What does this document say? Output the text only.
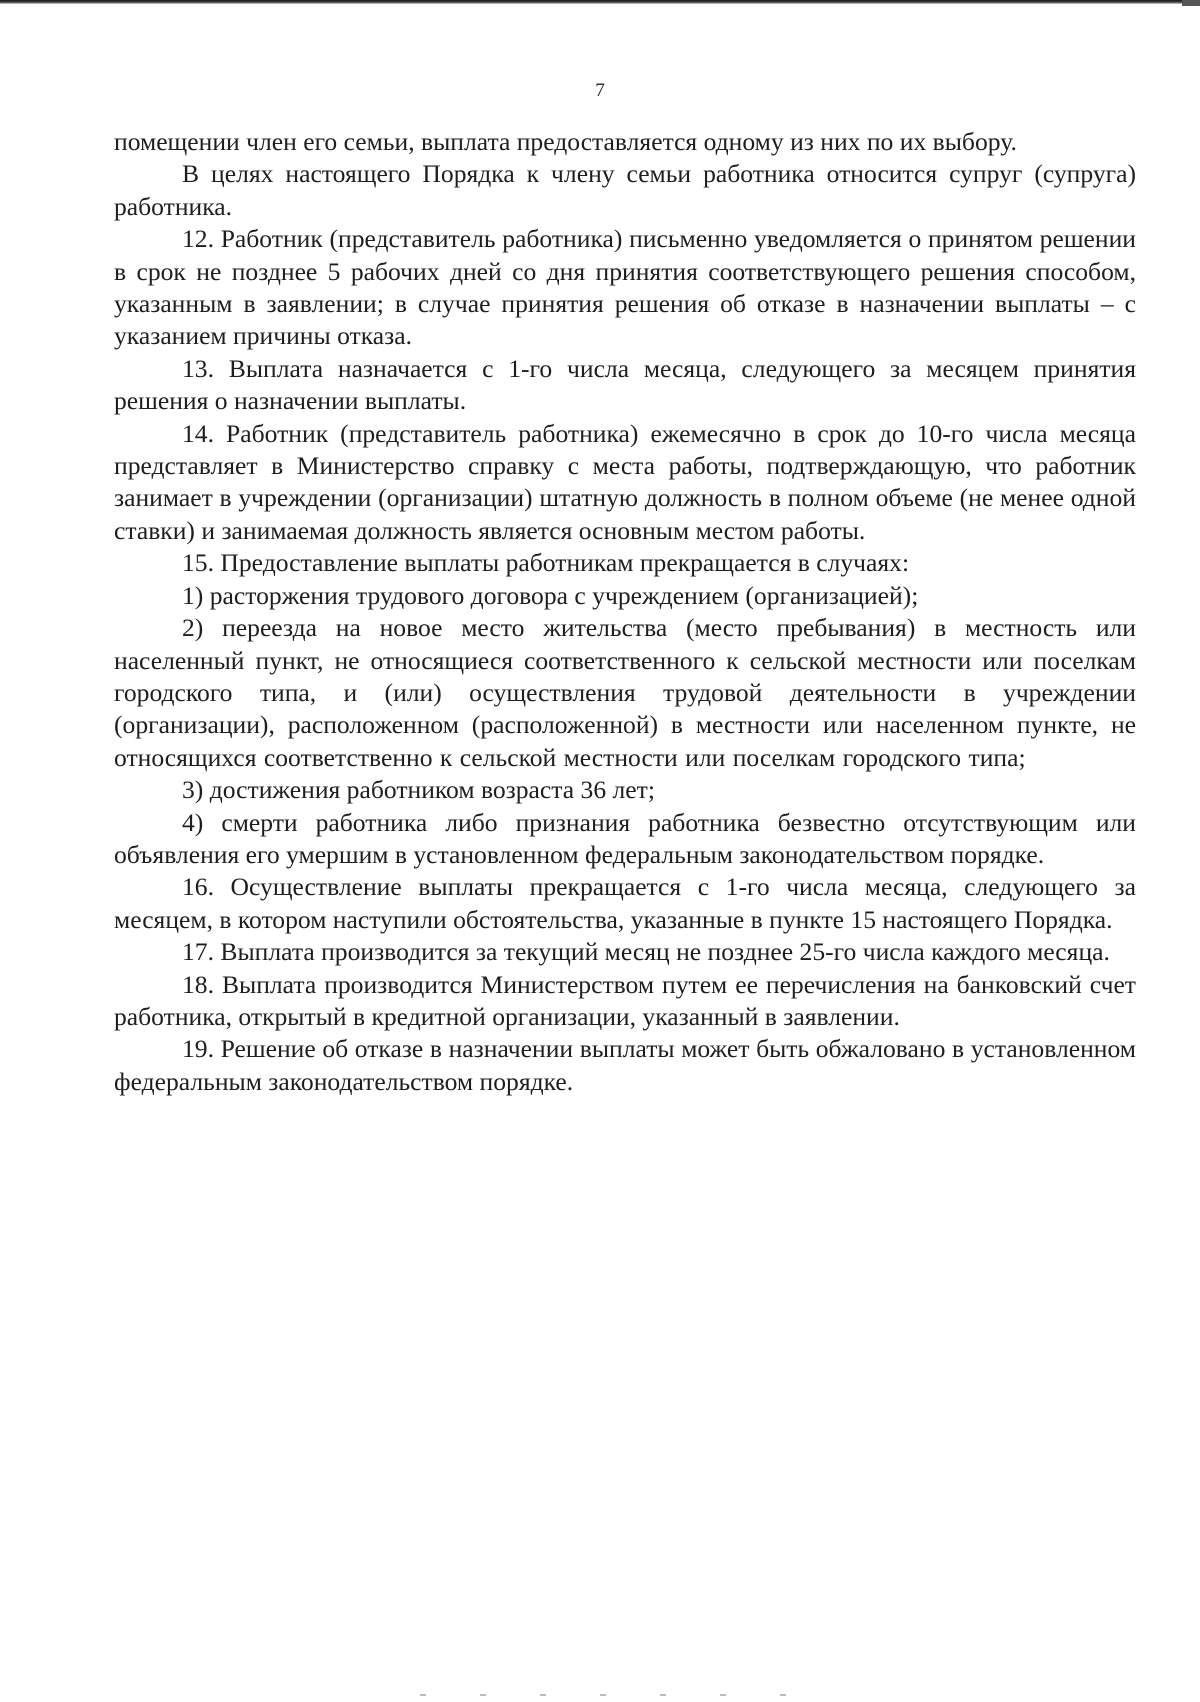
7

помещении член его семьи, выплата предоставляется одному из них по их выбору.

В целях настоящего Порядка к члену семьи работника относится супруг (супруга) работника.

12. Работник (представитель работника) письменно уведомляется о принятом решении в срок не позднее 5 рабочих дней со дня принятия соответствующего решения способом, указанным в заявлении; в случае принятия решения об отказе в назначении выплаты – с указанием причины отказа.

13. Выплата назначается с 1-го числа месяца, следующего за месяцем принятия решения о назначении выплаты.

14. Работник (представитель работника) ежемесячно в срок до 10-го числа месяца представляет в Министерство справку с места работы, подтверждающую, что работник занимает в учреждении (организации) штатную должность в полном объеме (не менее одной ставки) и занимаемая должность является основным местом работы.

15. Предоставление выплаты работникам прекращается в случаях:

1) расторжения трудового договора с учреждением (организацией);

2) переезда на новое место жительства (место пребывания) в местность или населенный пункт, не относящиеся соответственного к сельской местности или поселкам городского типа, и (или) осуществления трудовой деятельности в учреждении (организации), расположенном (расположенной) в местности или населенном пункте, не относящихся соответственно к сельской местности или поселкам городского типа;

3) достижения работником возраста 36 лет;

4) смерти работника либо признания работника безвестно отсутствующим или объявления его умершим в установленном федеральным законодательством порядке.

16. Осуществление выплаты прекращается с 1-го числа месяца, следующего за месяцем, в котором наступили обстоятельства, указанные в пункте 15 настоящего Порядка.

17. Выплата производится за текущий месяц не позднее 25-го числа каждого месяца.

18. Выплата производится Министерством путем ее перечисления на банковский счет работника, открытый в кредитной организации, указанный в заявлении.

19. Решение об отказе в назначении выплаты может быть обжаловано в установленном федеральным законодательством порядке.
